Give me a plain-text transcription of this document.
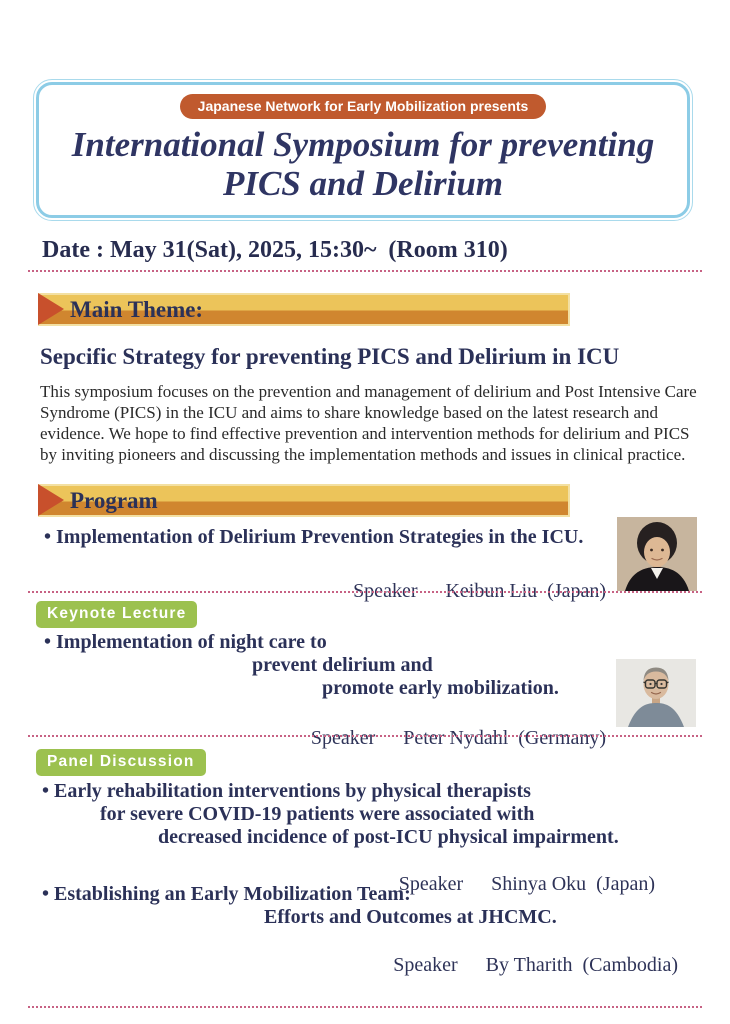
Japanese Network for Early Mobilization presents
International Symposium for preventing
PICS and Delirium
Date : May 31(Sat), 2025, 15:30~  (Room 310)
Main Theme:
Sepcific Strategy for preventing PICS and Delirium in ICU
This symposium focuses on the prevention and management of delirium and Post Intensive Care Syndrome (PICS) in the ICU and aims to share knowledge based on the latest research and evidence. We hope to find effective prevention and intervention methods for delirium and PICS by inviting pioneers and discussing the implementation methods and issues in clinical practice.
Program
• Implementation of Delirium Prevention Strategies in the ICU.

Speaker Keibun Liu  (Japan)

Keynote Lecture
• Implementation of night care to
prevent delirium and
promote early mobilization.

Speaker Peter Nydahl  (Germany)

Panel Discussion
• Early rehabilitation interventions by physical therapists
for severe COVID-19 patients were associated with
decreased incidence of post-ICU physical impairment.

Speaker Shinya Oku  (Japan)

• Establishing an Early Mobilization Team:
Efforts and Outcomes at JHCMC.

Speaker By Tharith  (Cambodia)
